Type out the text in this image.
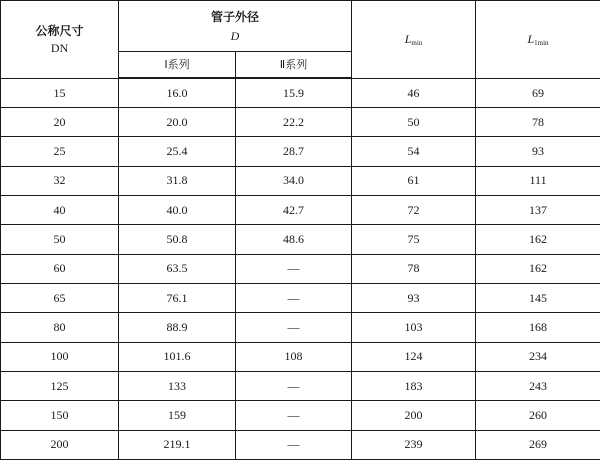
公称尺寸
DN	管子外径
D		Lmin	L1min
	Ⅰ系列	Ⅱ系列		
15	16.0	15.9	46	69
20	20.0	22.2	50	78
25	25.4	28.7	54	93
32	31.8	34.0	61	111
40	40.0	42.7	72	137
50	50.8	48.6	75	162
60	63.5	—	78	162
65	76.1	—	93	145
80	88.9	—	103	168
100	101.6	108	124	234
125	133	—	183	243
150	159	—	200	260
200	219.1	—	239	269
